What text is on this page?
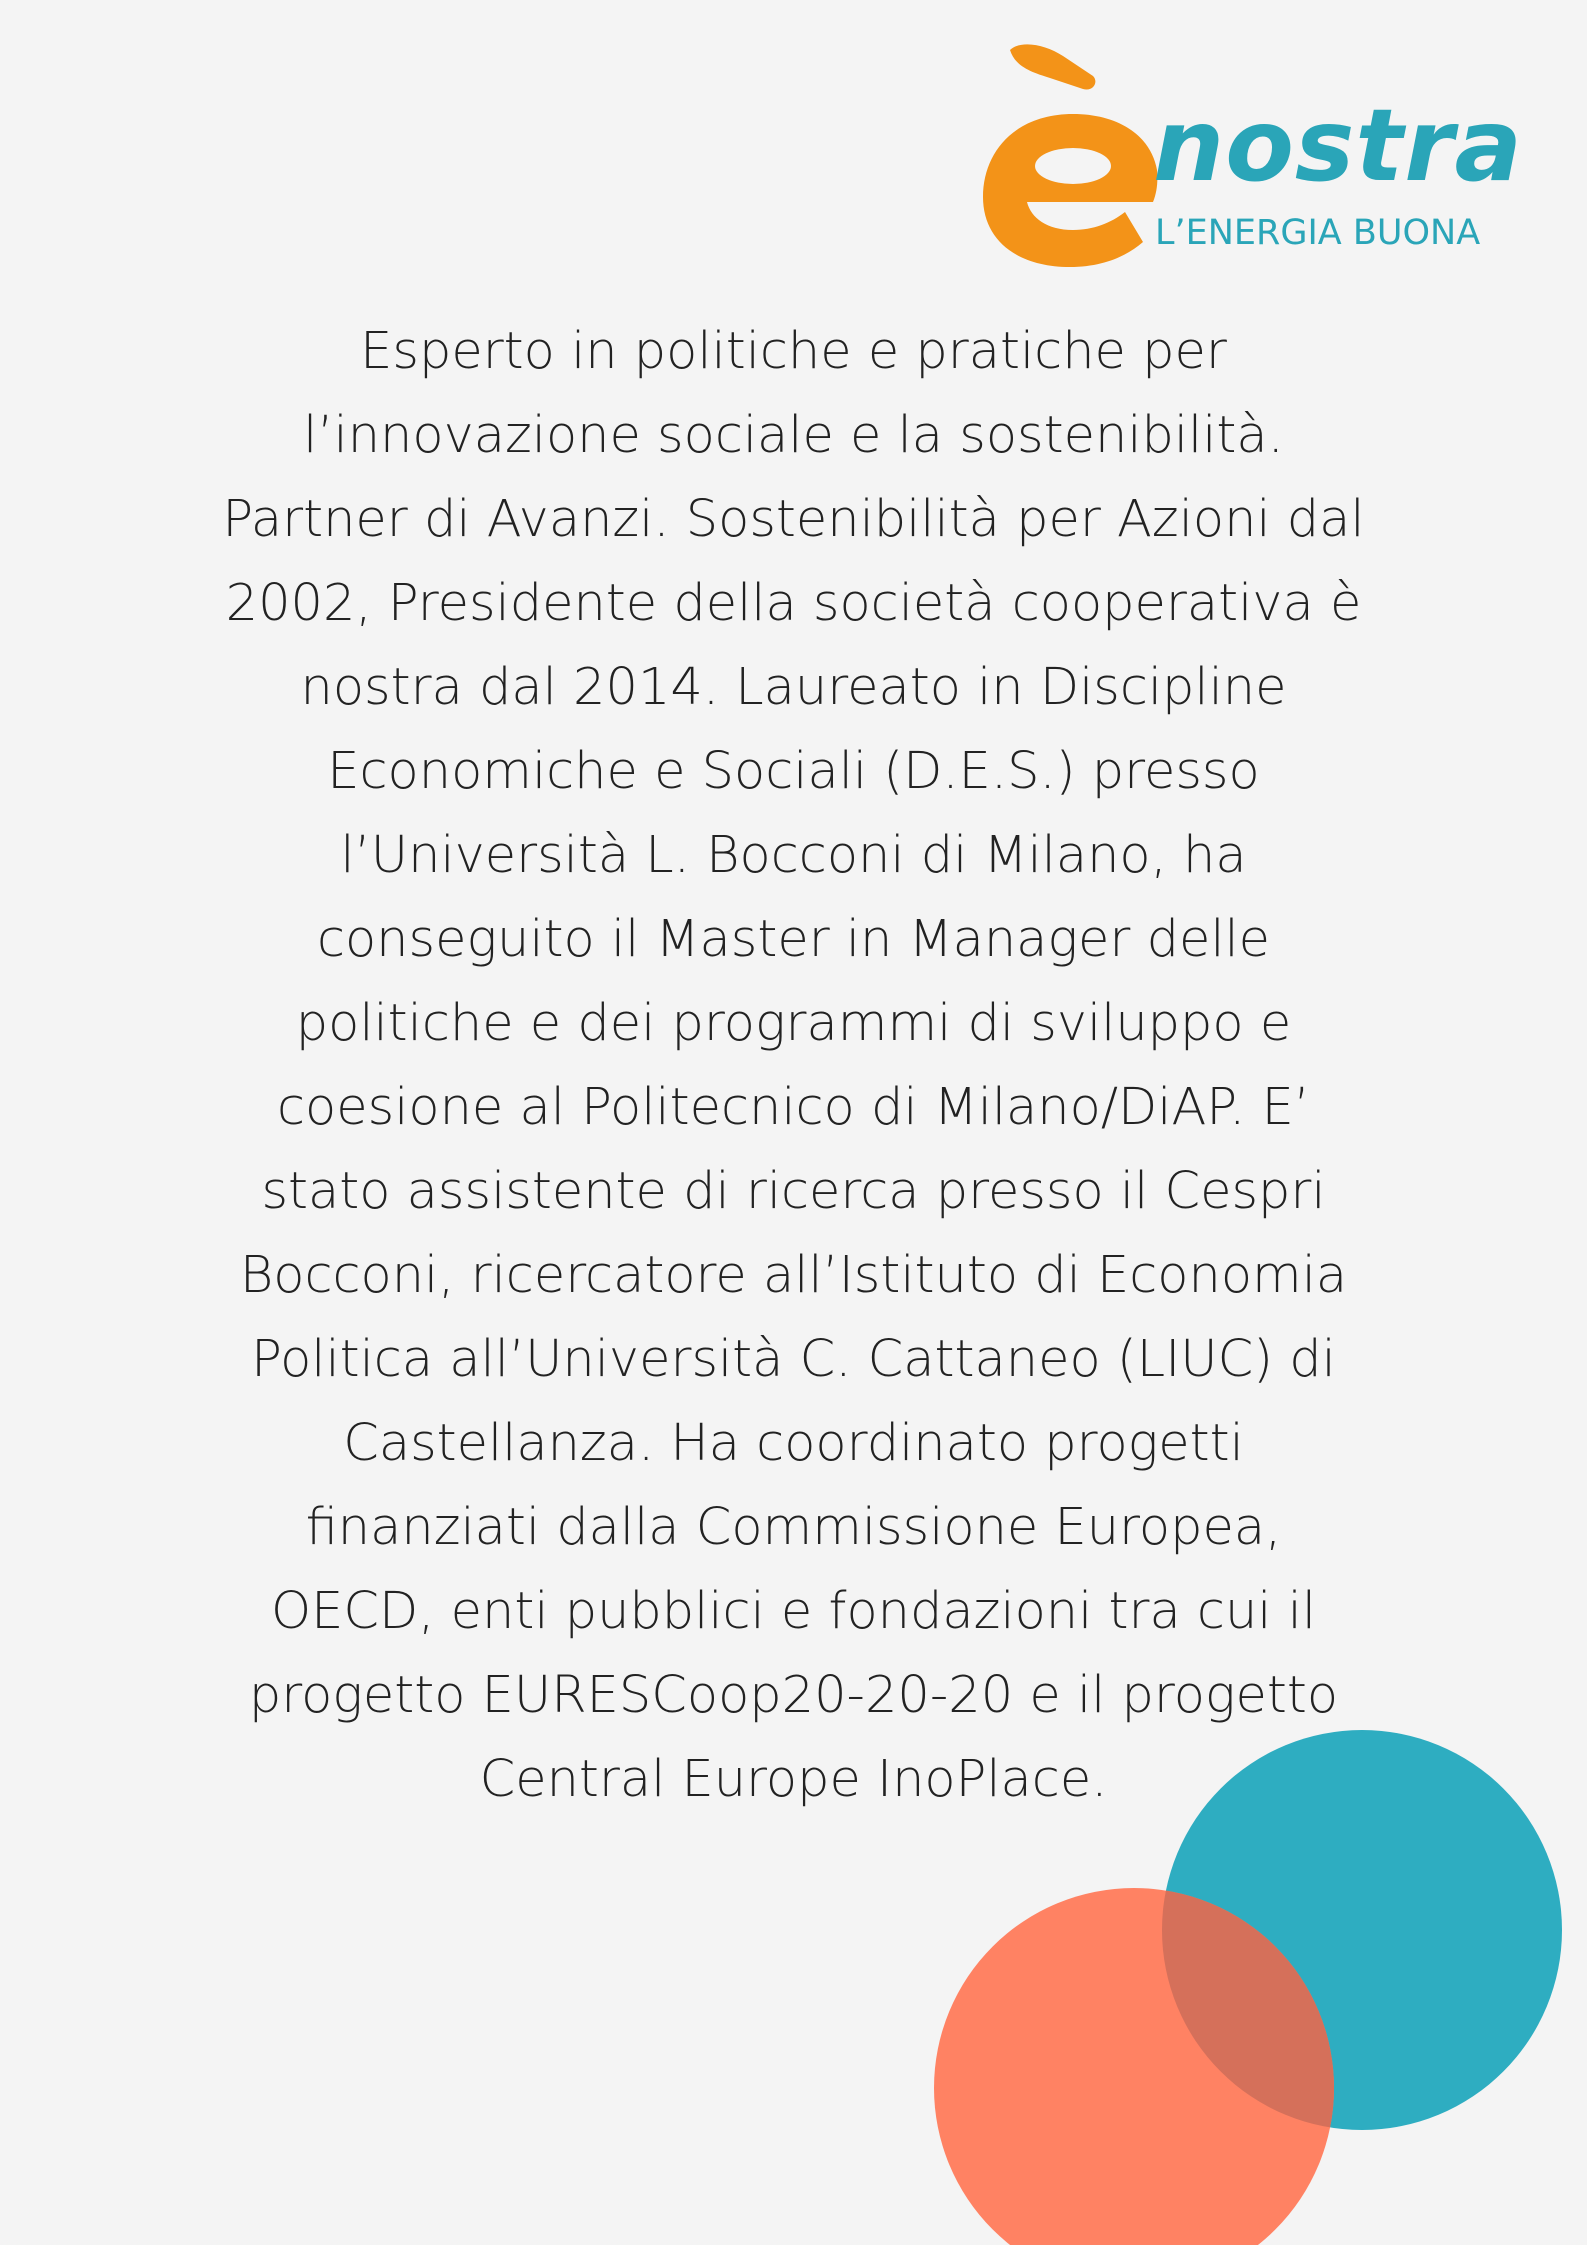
nostra
L’ENERGIA BUONA

Esperto in politiche e pratiche per
l’innovazione sociale e la sostenibilità.
Partner di Avanzi. Sostenibilità per Azioni dal
2002, Presidente della società cooperativa è
nostra dal 2014. Laureato in Discipline
Economiche e Sociali (D.E.S.) presso
l’Università L. Bocconi di Milano, ha
conseguito il Master in Manager delle
politiche e dei programmi di sviluppo e
coesione al Politecnico di Milano/DiAP. E’
stato assistente di ricerca presso il Cespri
Bocconi, ricercatore all’Istituto di Economia
Politica all’Università C. Cattaneo (LIUC) di
Castellanza. Ha coordinato progetti
finanziati dalla Commissione Europea,
OECD, enti pubblici e fondazioni tra cui il
progetto EURESCoop20-20-20 e il progetto
Central Europe InoPlace.
